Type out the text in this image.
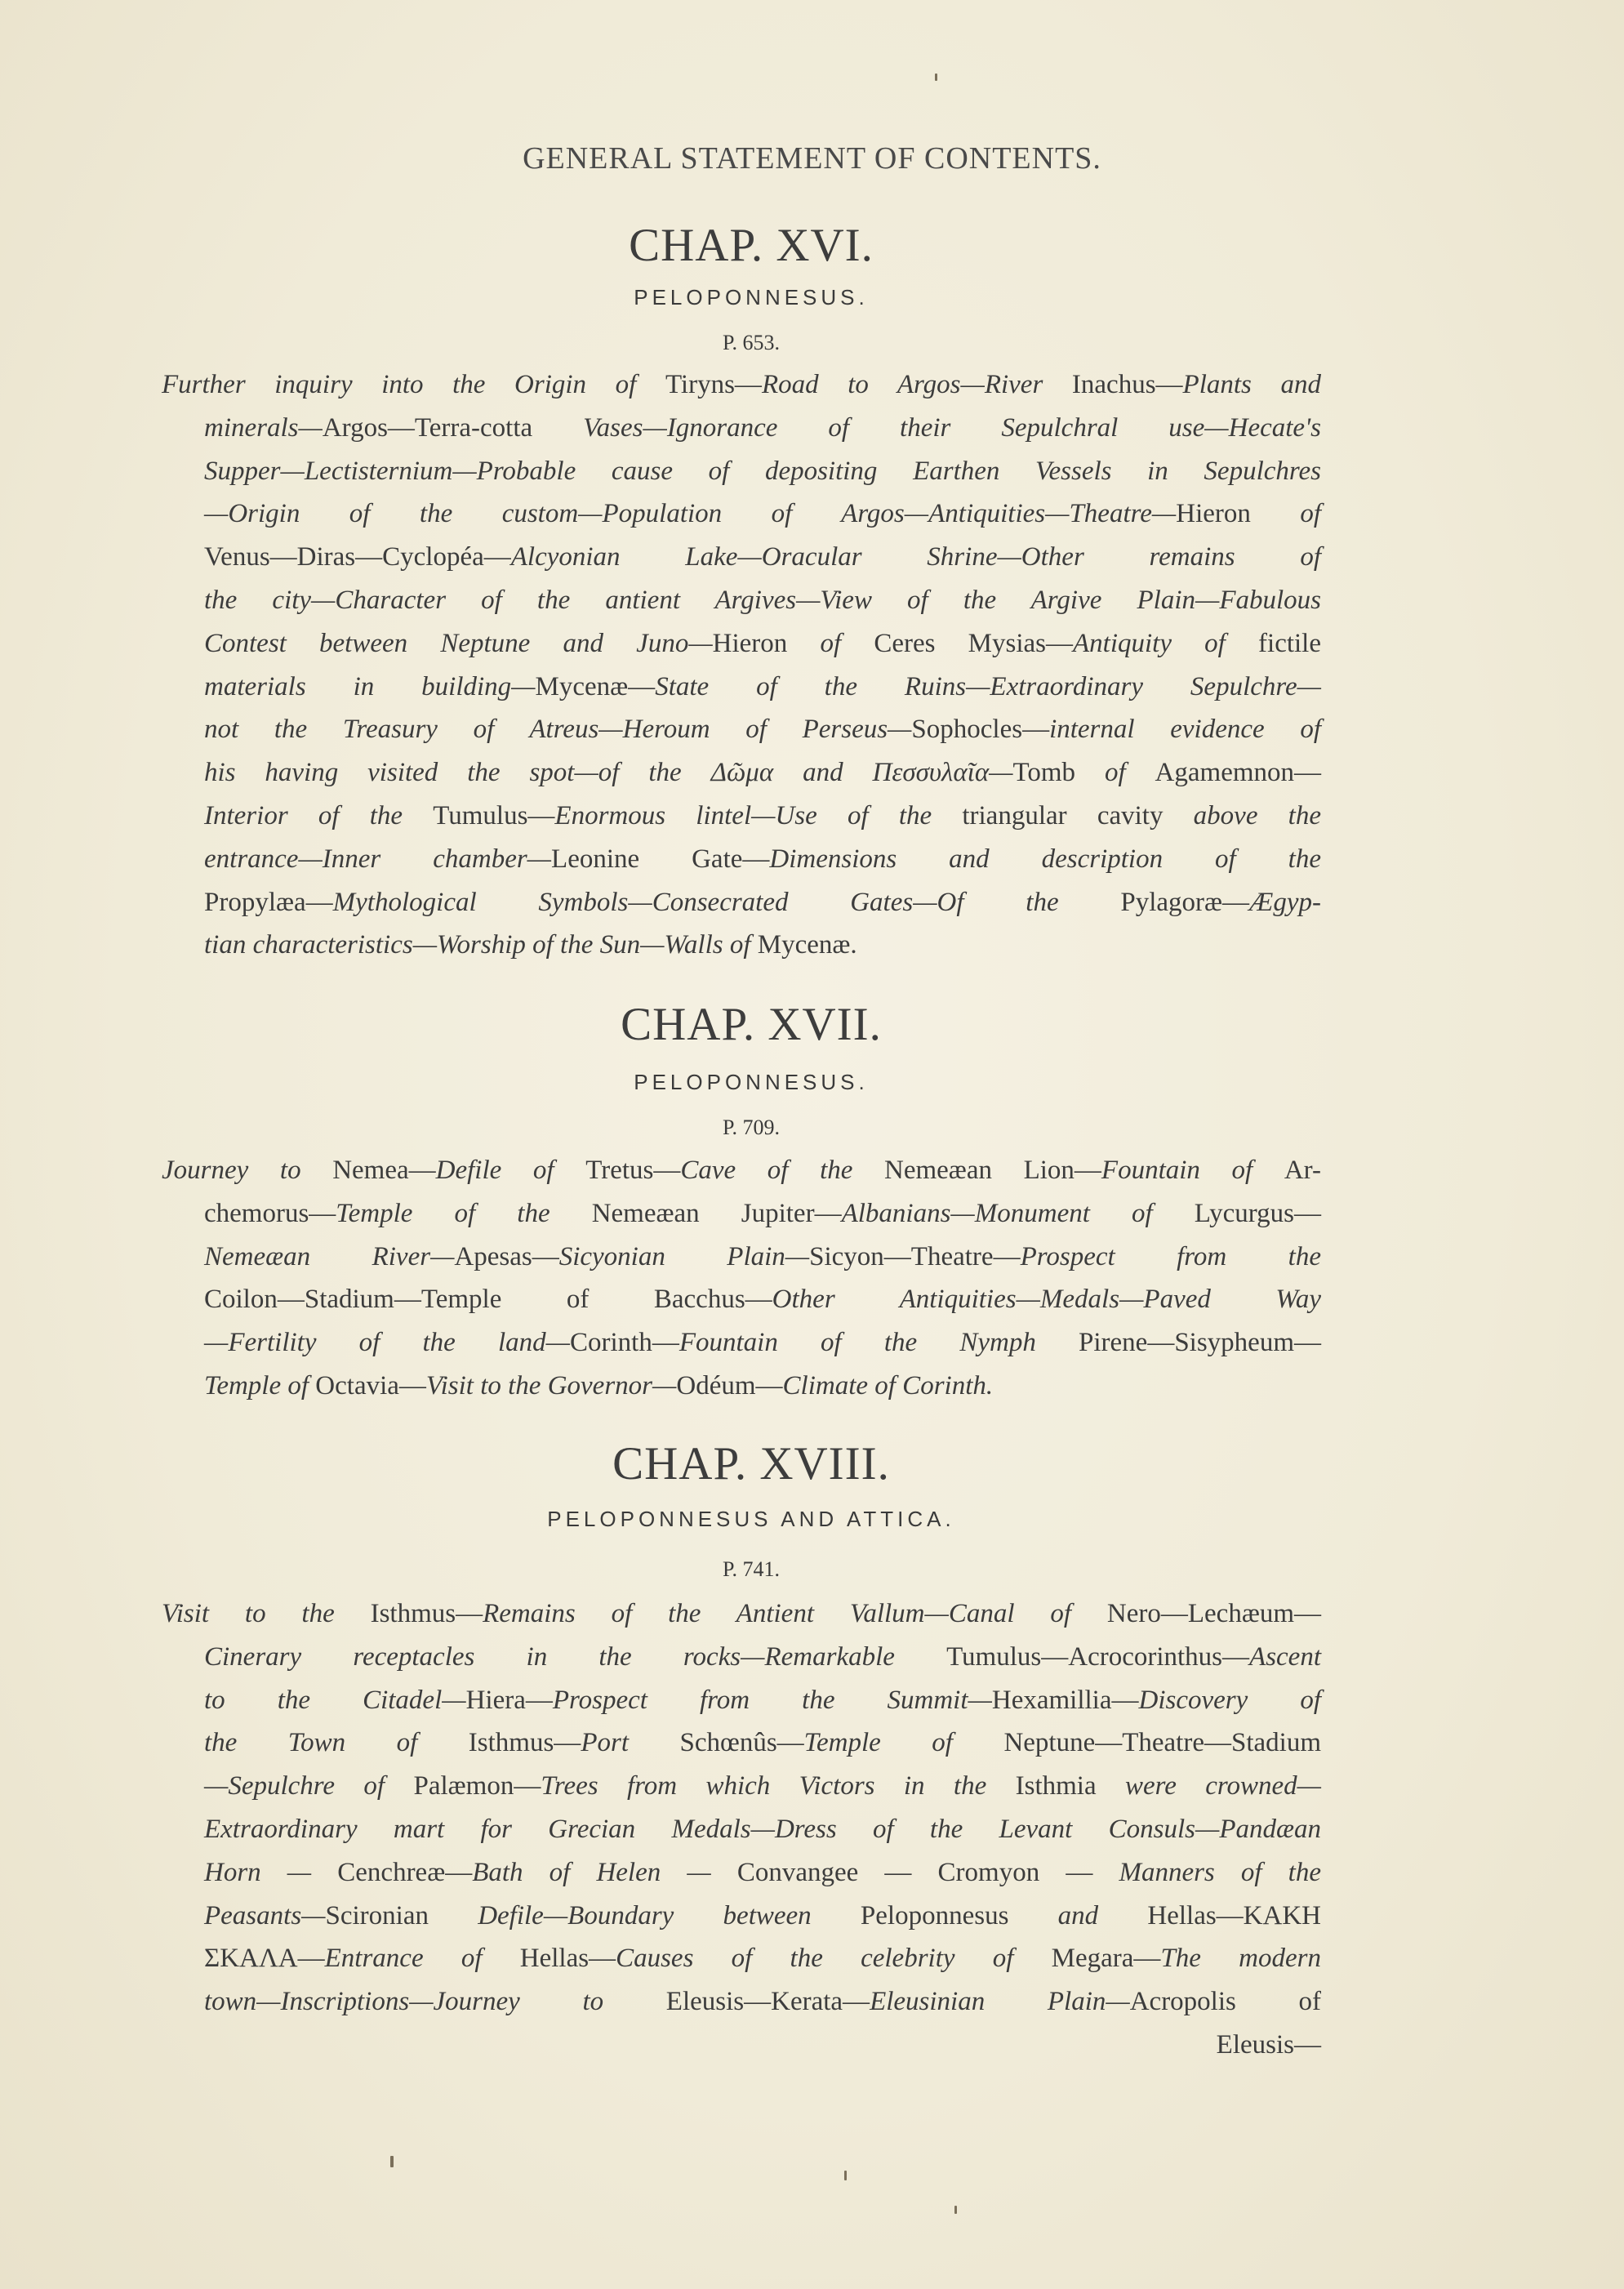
GENERAL STATEMENT OF CONTENTS.
CHAP. XVI.
PELOPONNESUS.
P. 653.
Further inquiry into the Origin of Tiryns—Road to Argos—River Inachus—Plants and
minerals—Argos—Terra-cotta Vases—Ignorance of their Sepulchral use—Hecate's
Supper—Lectisternium—Probable cause of depositing Earthen Vessels in Sepulchres
—Origin of the custom—Population of Argos—Antiquities—Theatre—Hieron of
Venus—Diras—Cyclopéa—Alcyonian Lake—Oracular Shrine—Other remains of
the city—Character of the antient Argives—View of the Argive Plain—Fabulous
Contest between Neptune and Juno—Hieron of Ceres Mysias—Antiquity of fictile
materials in building—Mycenæ—State of the Ruins—Extraordinary Sepulchre—
not the Treasury of Atreus—Heroum of Perseus—Sophocles—internal evidence of
his having visited the spot—of the Δῶμα and Πεσσυλαῖα—Tomb of Agamemnon—
Interior of the Tumulus—Enormous lintel—Use of the triangular cavity above the
entrance—Inner chamber—Leonine Gate—Dimensions and description of the
Propylæa—Mythological Symbols—Consecrated Gates—Of the Pylagoræ—Ægyp-
tian characteristics—Worship of the Sun—Walls of Mycenæ.
CHAP. XVII.
PELOPONNESUS.
P. 709.
Journey to Nemea—Defile of Tretus—Cave of the Nemeæan Lion—Fountain of Ar-
chemorus—Temple of the Nemeæan Jupiter—Albanians—Monument of Lycurgus—
Nemeæan River—Apesas—Sicyonian Plain—Sicyon—Theatre—Prospect from the
Coilon—Stadium—Temple of Bacchus—Other Antiquities—Medals—Paved Way
—Fertility of the land—Corinth—Fountain of the Nymph Pirene—Sisypheum—
Temple of Octavia—Visit to the Governor—Odéum—Climate of Corinth.
CHAP. XVIII.
PELOPONNESUS AND ATTICA.
P. 741.
Visit to the Isthmus—Remains of the Antient Vallum—Canal of Nero—Lechæum—
Cinerary receptacles in the rocks—Remarkable Tumulus—Acrocorinthus—Ascent
to the Citadel—Hiera—Prospect from the Summit—Hexamillia—Discovery of
the Town of Isthmus—Port Schœnûs—Temple of Neptune—Theatre—Stadium
—Sepulchre of Palæmon—Trees from which Victors in the Isthmia were crowned—
Extraordinary mart for Grecian Medals—Dress of the Levant Consuls—Pandæan
Horn — Cenchreæ—Bath of Helen — Convangee — Cromyon — Manners of the
Peasants—Scironian Defile—Boundary between Peloponnesus and Hellas—ΚΑΚΗ
ΣΚΑΛΑ—Entrance of Hellas—Causes of the celebrity of Megara—The modern
town—Inscriptions—Journey to Eleusis—Kerata—Eleusinian Plain—Acropolis of
Eleusis—
